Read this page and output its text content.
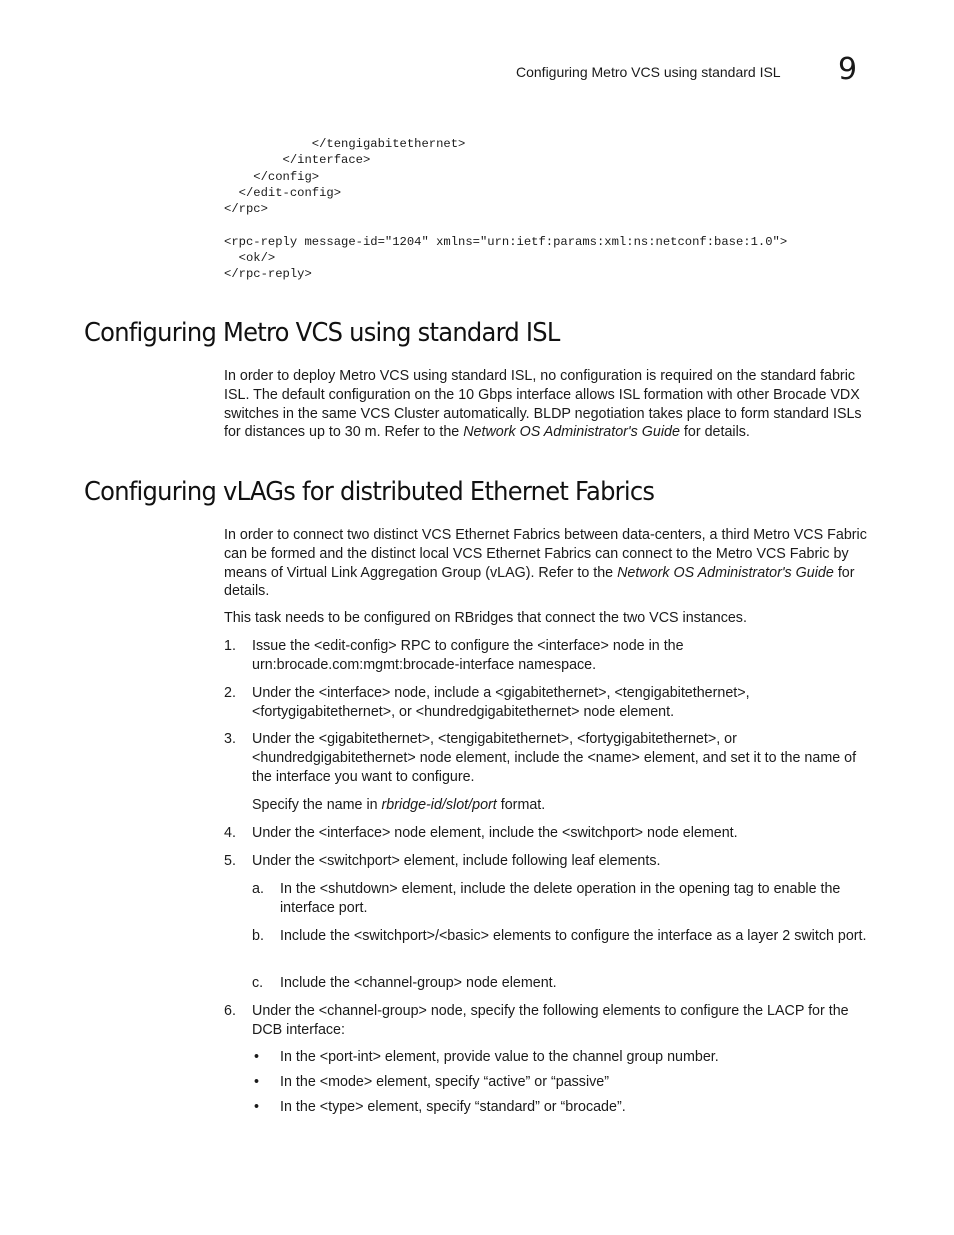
Configuring Metro VCS using standard ISL 9
</tengigabitethernet>
</interface>
</config>
</edit-config>
</rpc>
<rpc-reply message-id="1204" xmlns="urn:ietf:params:xml:ns:netconf:base:1.0">
<ok/>
</rpc-reply>
Configuring Metro VCS using standard ISL

In order to deploy Metro VCS using standard ISL, no configuration is required on the standard fabric ISL. The default configuration on the 10 Gbps interface allows ISL formation with other Brocade VDX switches in the same VCS Cluster automatically. BLDP negotiation takes place to form standard ISLs for distances up to 30 m. Refer to the Network OS Administrator's Guide for details.

Configuring vLAGs for distributed Ethernet Fabrics

In order to connect two distinct VCS Ethernet Fabrics between data-centers, a third Metro VCS Fabric can be formed and the distinct local VCS Ethernet Fabrics can connect to the Metro VCS Fabric by means of Virtual Link Aggregation Group (vLAG). Refer to the Network OS Administrator's Guide for details.

This task needs to be configured on RBridges that connect the two VCS instances.

1. Issue the <edit-config> RPC to configure the <interface> node in the urn:brocade.com:mgmt:brocade-interface namespace.
2. Under the <interface> node, include a <gigabitethernet>, <tengigabitethernet>, <fortygigabitethernet>, or <hundredgigabitethernet> node element.
3. Under the <gigabitethernet>, <tengigabitethernet>, <fortygigabitethernet>, or <hundredgigabitethernet> node element, include the <name> element, and set it to the name of the interface you want to configure.
Specify the name in rbridge-id/slot/port format.
4. Under the <interface> node element, include the <switchport> node element.
5. Under the <switchport> element, include following leaf elements.
a. In the <shutdown> element, include the delete operation in the opening tag to enable the interface port.
b. Include the <switchport>/<basic> elements to configure the interface as a layer 2 switch port.
c. Include the <channel-group> node element.
6. Under the <channel-group> node, specify the following elements to configure the LACP for the DCB interface:
• In the <port-int> element, provide value to the channel group number.
• In the <mode> element, specify “active” or “passive”
• In the <type> element, specify “standard” or “brocade”.
